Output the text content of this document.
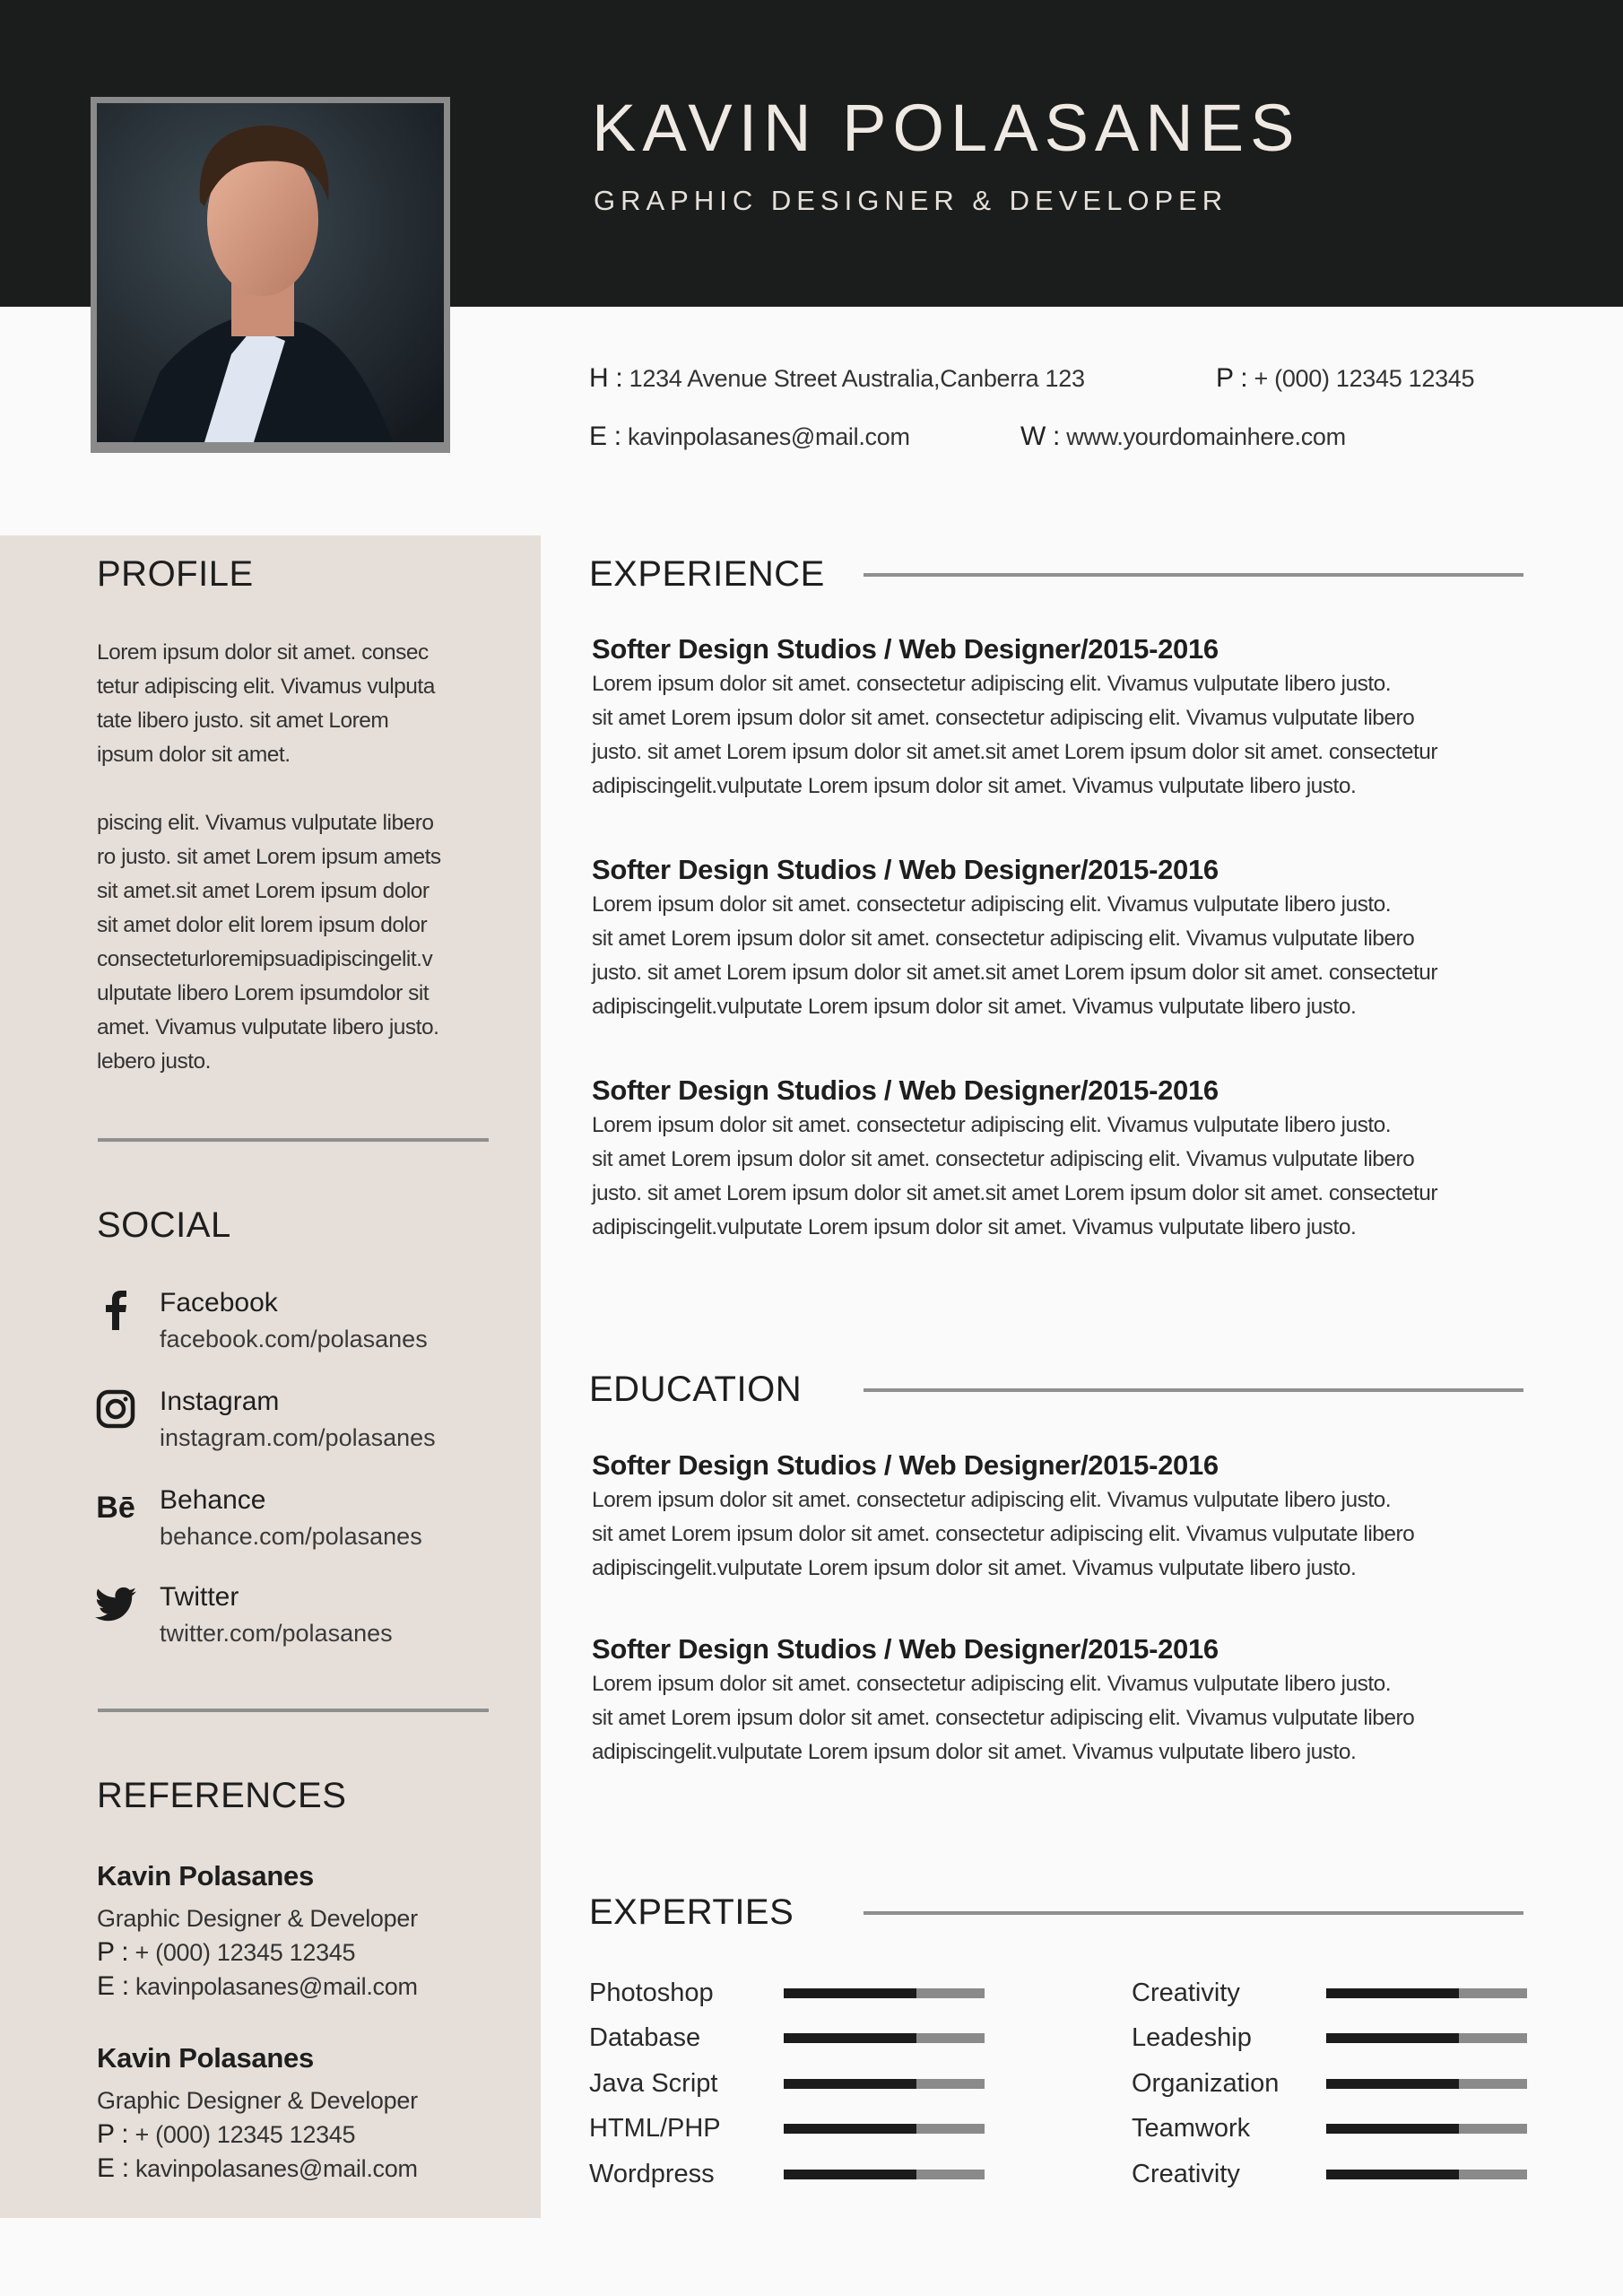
KAVIN POLASANES
GRAPHIC DESIGNER & DEVELOPER
H : 1234 Avenue Street Australia,Canberra 123	P : + (000) 12345 12345
E : kavinpolasanes@mail.com	W : www.yourdomainhere.com
PROFILE
Lorem ipsum dolor sit amet. consec
tetur adipiscing elit. Vivamus vulputa
tate libero justo. sit amet Lorem
ipsum dolor sit amet.
piscing elit. Vivamus vulputate libero
ro justo. sit amet Lorem ipsum amets
sit amet.sit amet Lorem ipsum dolor
sit amet dolor elit lorem ipsum dolor
consecteturloremipsuadipiscingelit.v
ulputate libero Lorem ipsumdolor sit
amet. Vivamus vulputate libero justo.
lebero justo.
SOCIAL
Facebook
facebook.com/polasanes
Instagram
instagram.com/polasanes
Bē Behance
behance.com/polasanes
Twitter
twitter.com/polasanes
REFERENCES
Kavin Polasanes
Graphic Designer & Developer
P : + (000) 12345 12345
E : kavinpolasanes@mail.com
Kavin Polasanes
Graphic Designer & Developer
P : + (000) 12345 12345
E : kavinpolasanes@mail.com
EXPERIENCE
EDUCATION
EXPERTIES
Softer Design Studios / Web Designer/2015-2016
Lorem ipsum dolor sit amet. consectetur adipiscing elit. Vivamus vulputate libero justo.
sit amet Lorem ipsum dolor sit amet. consectetur adipiscing elit. Vivamus vulputate libero
justo. sit amet Lorem ipsum dolor sit amet.sit amet Lorem ipsum dolor sit amet. consectetur
adipiscingelit.vulputate Lorem ipsum dolor sit amet. Vivamus vulputate libero justo.
Softer Design Studios / Web Designer/2015-2016
Lorem ipsum dolor sit amet. consectetur adipiscing elit. Vivamus vulputate libero justo.
sit amet Lorem ipsum dolor sit amet. consectetur adipiscing elit. Vivamus vulputate libero
justo. sit amet Lorem ipsum dolor sit amet.sit amet Lorem ipsum dolor sit amet. consectetur
adipiscingelit.vulputate Lorem ipsum dolor sit amet. Vivamus vulputate libero justo.
Softer Design Studios / Web Designer/2015-2016
Lorem ipsum dolor sit amet. consectetur adipiscing elit. Vivamus vulputate libero justo.
sit amet Lorem ipsum dolor sit amet. consectetur adipiscing elit. Vivamus vulputate libero
justo. sit amet Lorem ipsum dolor sit amet.sit amet Lorem ipsum dolor sit amet. consectetur
adipiscingelit.vulputate Lorem ipsum dolor sit amet. Vivamus vulputate libero justo.
Softer Design Studios / Web Designer/2015-2016
Lorem ipsum dolor sit amet. consectetur adipiscing elit. Vivamus vulputate libero justo.
sit amet Lorem ipsum dolor sit amet. consectetur adipiscing elit. Vivamus vulputate libero
adipiscingelit.vulputate Lorem ipsum dolor sit amet. Vivamus vulputate libero justo.
Softer Design Studios / Web Designer/2015-2016
Lorem ipsum dolor sit amet. consectetur adipiscing elit. Vivamus vulputate libero justo.
sit amet Lorem ipsum dolor sit amet. consectetur adipiscing elit. Vivamus vulputate libero
adipiscingelit.vulputate Lorem ipsum dolor sit amet. Vivamus vulputate libero justo.
Photoshop
Database
Java Script
HTML/PHP
Wordpress
Creativity
Leadeship
Organization
Teamwork
Creativity
